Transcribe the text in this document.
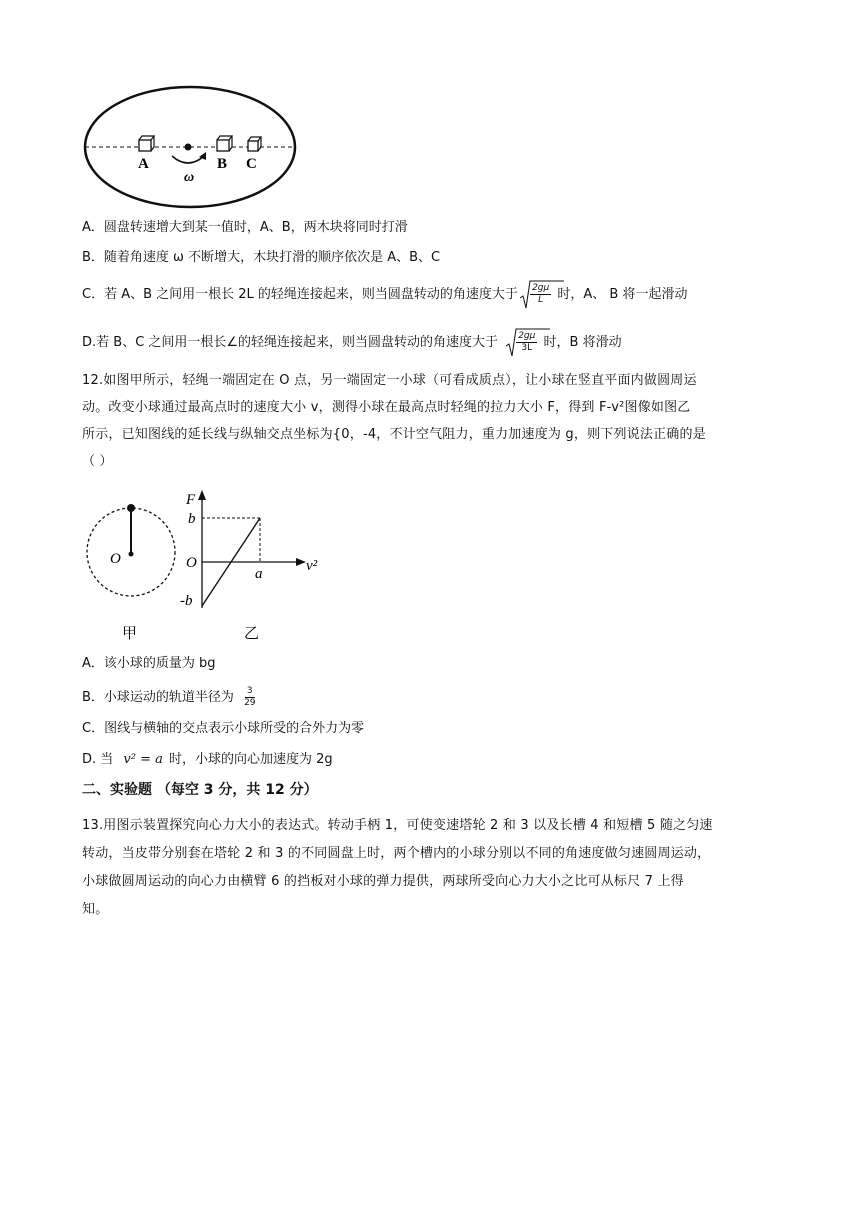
A	B C
ω
A．圆盘转速增大到某一值时，A、B，两木块将同时打滑
B．随着角速度 ω 不断增大，木块打滑的顺序依次是 A、B、C
C．若 A、B 之间用一根长 2L 的轻绳连接起来，则当圆盘转动的角速度大于 $\frac{2g\mu}{L}$ 时，A、 B 将一起滑动
D.若 B、C 之间用一根长∠的轻绳连接起来，则当圆盘转动的角速度大于 $\frac{2g\mu}{3L}$ 时，B 将滑动
12.如图甲所示，轻绳一端固定在 O 点，另一端固定一小球（可看成质点），让小球在竖直平面内做圆周运
动。改变小球通过最高点时的速度大小 v，测得小球在最高点时轻绳的拉力大小 F，得到 F-v²图像如图乙
所示，已知图线的延长线与纵轴交点坐标为{0，-4，不计空气阻力，重力加速度为 g，则下列说法正确的是
（ ）
O
甲
F
b
O
-b
a	v²
乙
A．该小球的质量为 bg
B．小球运动的轨道半径为 $\frac{3}{29}$
C．图线与横轴的交点表示小球所受的合外力为零
D. 当 v² = a 时，小球的向心加速度为 2g
二、实验题 （每空 3 分，共 12 分）
13.用图示装置探究向心力大小的表达式。转动手柄 1，可使变速塔轮 2 和 3 以及长槽 4 和短槽 5 随之匀速
转动，当皮带分别套在塔轮 2 和 3 的不同圆盘上时，两个槽内的小球分别以不同的角速度做匀速圆周运动，
小球做圆周运动的向心力由横臂 6 的挡板对小球的弹力提供，两球所受向心力大小之比可从标尺 7 上得
知。
